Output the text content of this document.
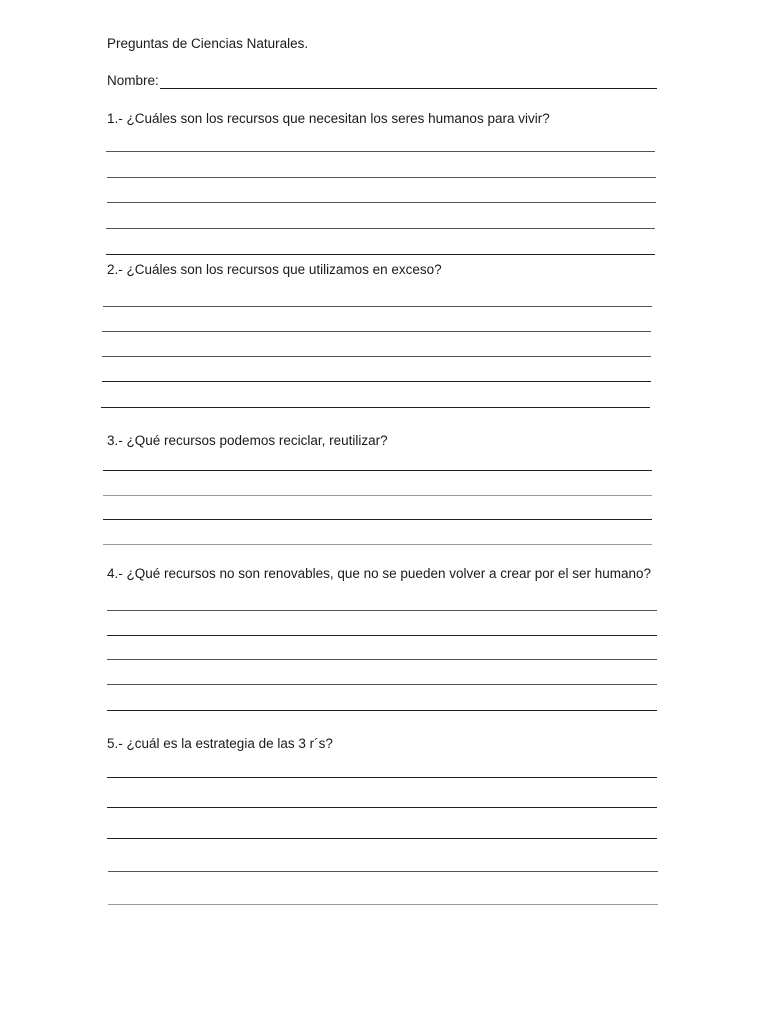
Preguntas de Ciencias Naturales.
Nombre:
1.- ¿Cuáles son los recursos que necesitan los seres humanos para vivir?
2.- ¿Cuáles son los recursos que utilizamos en exceso?
3.- ¿Qué recursos podemos reciclar, reutilizar?
4.- ¿Qué recursos no son renovables, que no se pueden volver a crear por el ser humano?
5.- ¿cuál es la estrategia de las 3 r´s?
